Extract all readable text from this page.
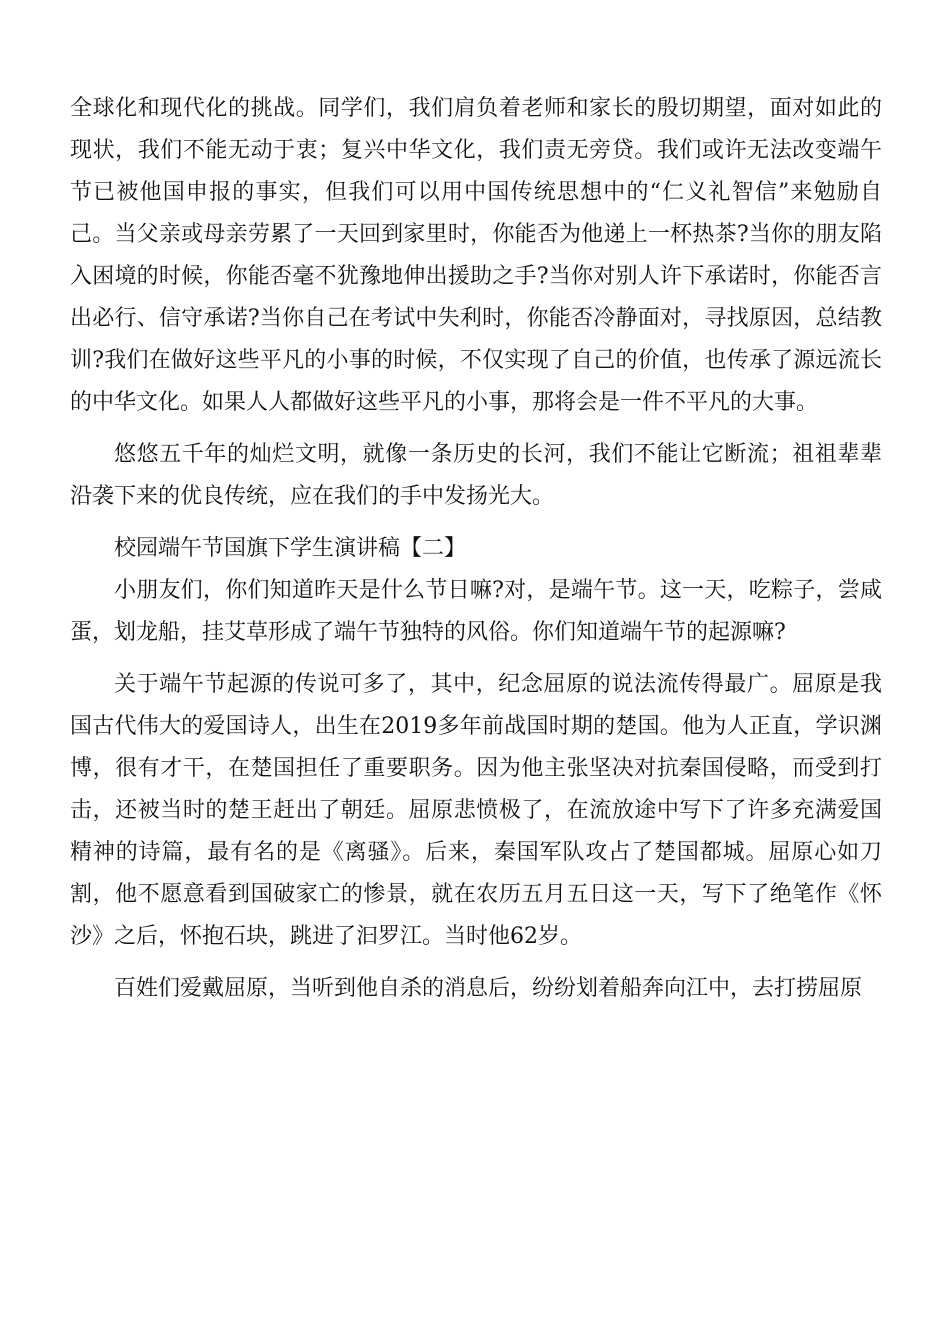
全球化和现代化的挑战。同学们，我们肩负着老师和家长的殷切期望，面对如此的现状，我们不能无动于衷；复兴中华文化，我们责无旁贷。我们或许无法改变端午节已被他国申报的事实，但我们可以用中国传统思想中的“仁义礼智信”来勉励自己。当父亲或母亲劳累了一天回到家里时，你能否为他递上一杯热茶?当你的朋友陷入困境的时候，你能否毫不犹豫地伸出援助之手?当你对别人许下承诺时，你能否言出必行、信守承诺?当你自己在考试中失利时，你能否冷静面对，寻找原因，总结教训?我们在做好这些平凡的小事的时候，不仅实现了自己的价值，也传承了源远流长的中华文化。如果人人都做好这些平凡的小事，那将会是一件不平凡的大事。

悠悠五千年的灿烂文明，就像一条历史的长河，我们不能让它断流；祖祖辈辈沿袭下来的优良传统，应在我们的手中发扬光大。

校园端午节国旗下学生演讲稿【二】

小朋友们，你们知道昨天是什么节日嘛?对，是端午节。这一天，吃粽子，尝咸蛋，划龙船，挂艾草形成了端午节独特的风俗。你们知道端午节的起源嘛?

关于端午节起源的传说可多了，其中，纪念屈原的说法流传得最广。屈原是我国古代伟大的爱国诗人，出生在2019多年前战国时期的楚国。他为人正直，学识渊博，很有才干，在楚国担任了重要职务。因为他主张坚决对抗秦国侵略，而受到打击，还被当时的楚王赶出了朝廷。屈原悲愤极了，在流放途中写下了许多充满爱国精神的诗篇，最有名的是《离骚》。后来，秦国军队攻占了楚国都城。屈原心如刀割，他不愿意看到国破家亡的惨景，就在农历五月五日这一天，写下了绝笔作《怀沙》之后，怀抱石块，跳进了汩罗江。当时他62岁。

百姓们爱戴屈原，当听到他自杀的消息后，纷纷划着船奔向江中，去打捞屈原
